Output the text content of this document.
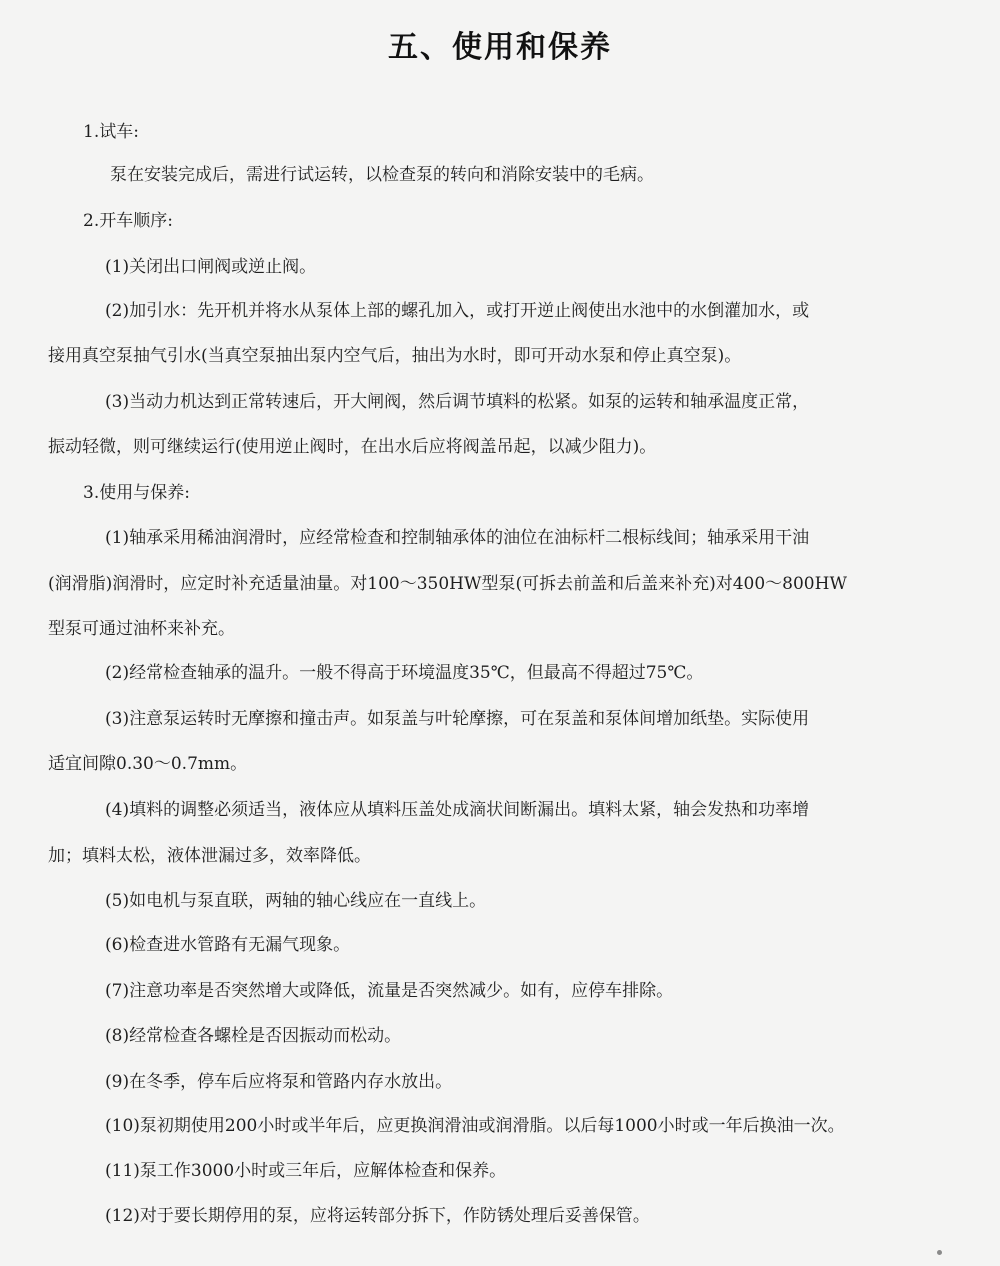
五、使用和保养
1.试车:
泵在安装完成后，需进行试运转，以检查泵的转向和消除安装中的毛病。
2.开车顺序:
(1)关闭出口闸阀或逆止阀。
(2)加引水：先开机并将水从泵体上部的螺孔加入，或打开逆止阀使出水池中的水倒灌加水，或
接用真空泵抽气引水(当真空泵抽出泵内空气后，抽出为水时，即可开动水泵和停止真空泵)。
(3)当动力机达到正常转速后，开大闸阀，然后调节填料的松紧。如泵的运转和轴承温度正常，
振动轻微，则可继续运行(使用逆止阀时，在出水后应将阀盖吊起，以减少阻力)。
3.使用与保养:
(1)轴承采用稀油润滑时，应经常检查和控制轴承体的油位在油标杆二根标线间；轴承采用干油
(润滑脂)润滑时，应定时补充适量油量。对100～350HW型泵(可拆去前盖和后盖来补充)对400～800HW
型泵可通过油杯来补充。
(2)经常检查轴承的温升。一般不得高于环境温度35℃，但最高不得超过75℃。
(3)注意泵运转时无摩擦和撞击声。如泵盖与叶轮摩擦，可在泵盖和泵体间增加纸垫。实际使用
适宜间隙0.30～0.7mm。
(4)填料的调整必须适当，液体应从填料压盖处成滴状间断漏出。填料太紧，轴会发热和功率增
加；填料太松，液体泄漏过多，效率降低。
(5)如电机与泵直联，两轴的轴心线应在一直线上。
(6)检查进水管路有无漏气现象。
(7)注意功率是否突然增大或降低，流量是否突然减少。如有，应停车排除。
(8)经常检查各螺栓是否因振动而松动。
(9)在冬季，停车后应将泵和管路内存水放出。
(10)泵初期使用200小时或半年后，应更换润滑油或润滑脂。以后每1000小时或一年后换油一次。
(11)泵工作3000小时或三年后，应解体检查和保养。
(12)对于要长期停用的泵，应将运转部分拆下，作防锈处理后妥善保管。
